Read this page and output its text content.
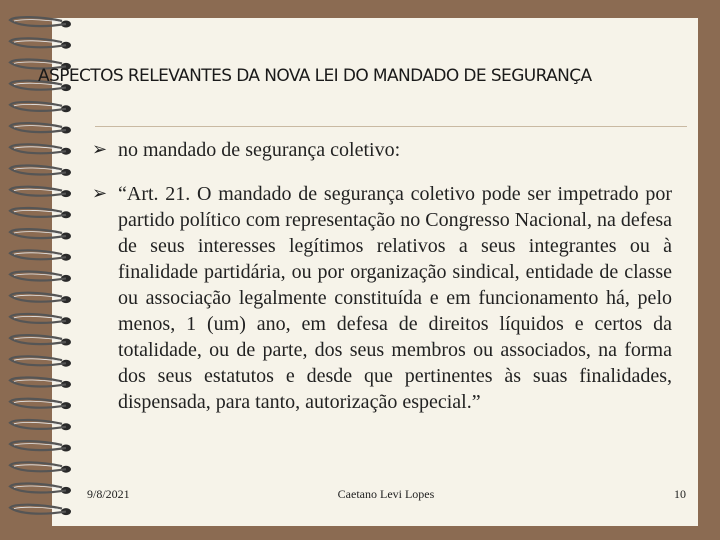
ASPECTOS RELEVANTES DA NOVA LEI DO MANDADO DE SEGURANÇA
➢ no mandado de segurança coletivo:
➢ “Art. 21. O mandado de segurança coletivo pode ser impetrado por partido político com representação no Congresso Nacional, na defesa de seus interesses legítimos relativos a seus integrantes ou à finalidade partidária, ou por organização sindical, entidade de classe ou associação legalmente constituída e em funcionamento há, pelo menos, 1 (um) ano, em defesa de direitos líquidos e certos da totalidade, ou de parte, dos seus membros ou associados, na forma dos seus estatutos e desde que pertinentes às suas finalidades, dispensada, para tanto, autorização especial.”
9/8/2021	Caetano Levi Lopes	10
